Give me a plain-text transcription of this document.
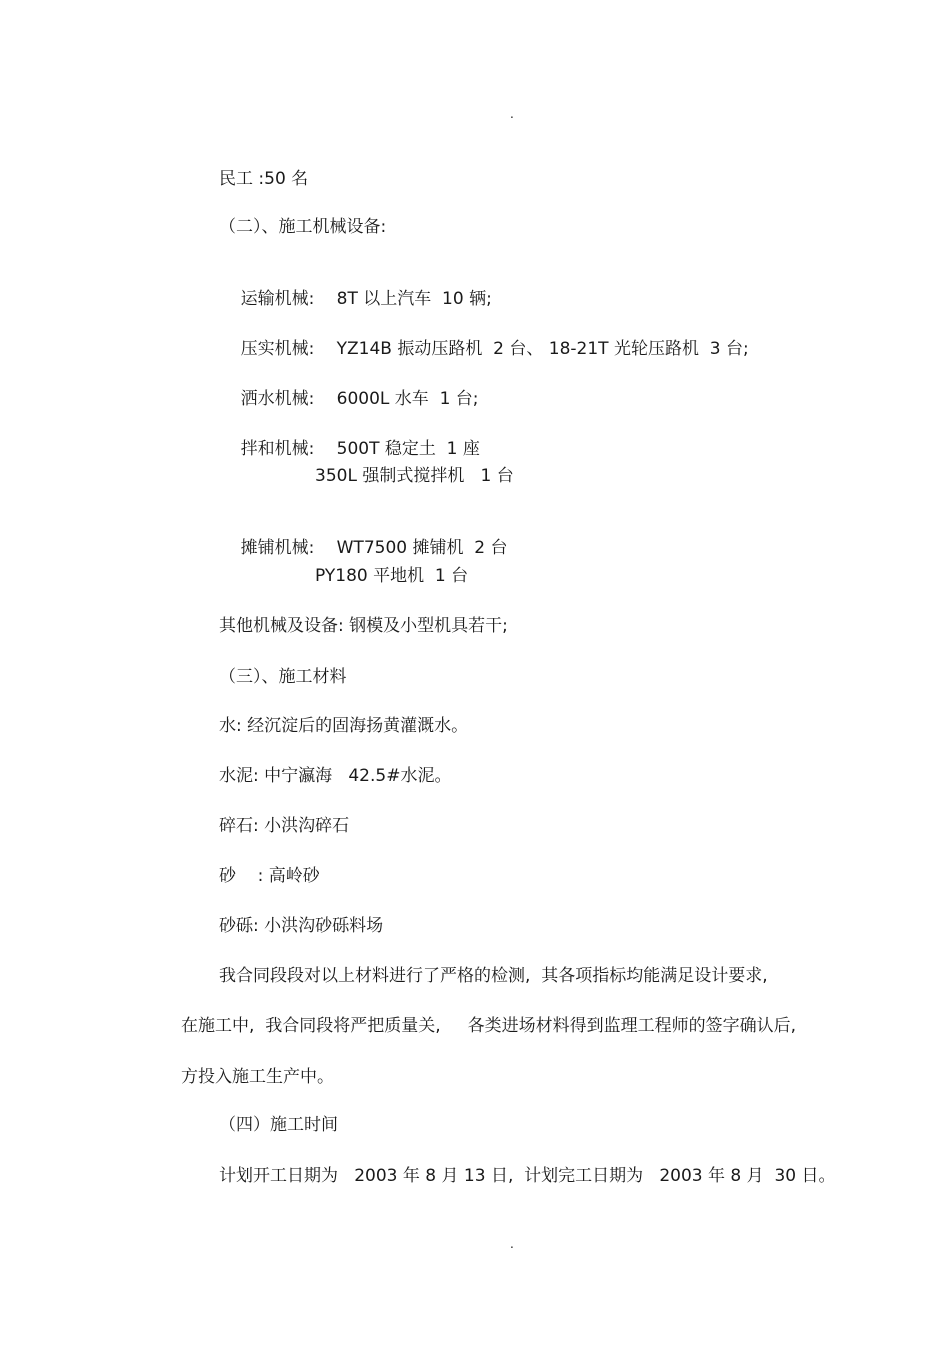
.
民工 :50 名
（二）、施工机械设备:

运输机械: 8T 以上汽车  10 辆;

压实机械: YZ14B 振动压路机  2 台、 18-21T 光轮压路机  3 台;

洒水机械: 6000L 水车  1 台;

拌和机械: 500T 稳定土  1 座

350L 强制式搅拌机   1 台

摊铺机械: WT7500 摊铺机  2 台

PY180 平地机  1 台
其他机械及设备: 钢模及小型机具若干;
（三）、施工材料
水: 经沉淀后的固海扬黄灌溉水。
水泥: 中宁瀛海   42.5#水泥。
碎石: 小洪沟碎石
砂    : 高岭砂
砂砾: 小洪沟砂砾料场
我合同段段对以上材料进行了严格的检测,  其各项指标均能满足设计要求,
在施工中,  我合同段将严把质量关,     各类进场材料得到监理工程师的签字确认后,
方投入施工生产中。
（四）施工时间
计划开工日期为   2003 年 8 月 13 日,  计划完工日期为   2003 年 8 月  30 日。
.
